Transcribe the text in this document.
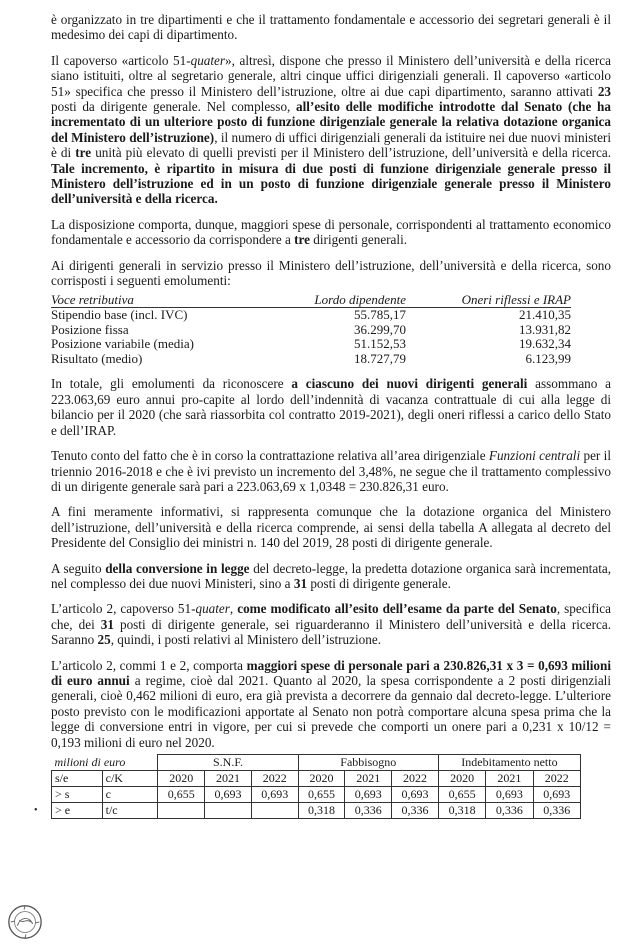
è organizzato in tre dipartimenti e che il trattamento fondamentale e accessorio dei segretari generali è il medesimo dei capi di dipartimento.

Il capoverso «articolo 51-quater», altresì, dispone che presso il Ministero dell’università e della ricerca siano istituiti, oltre al segretario generale, altri cinque uffici dirigenziali generali. Il capoverso «articolo 51» specifica che presso il Ministero dell’istruzione, oltre ai due capi dipartimento, saranno attivati 23 posti da dirigente generale. Nel complesso, all’esito delle modifiche introdotte dal Senato (che ha incrementato di un ulteriore posto di funzione dirigenziale generale la relativa dotazione organica del Ministero dell’istruzione), il numero di uffici dirigenziali generali da istituire nei due nuovi ministeri è di tre unità più elevato di quelli previsti per il Ministero dell’istruzione, dell’università e della ricerca. Tale incremento, è ripartito in misura di due posti di funzione dirigenziale generale presso il Ministero dell’istruzione ed in un posto di funzione dirigenziale generale presso il Ministero dell’università e della ricerca.

La disposizione comporta, dunque, maggiori spese di personale, corrispondenti al trattamento economico fondamentale e accessorio da corrispondere a tre dirigenti generali.

Ai dirigenti generali in servizio presso il Ministero dell’istruzione, dell’università e della ricerca, sono corrisposti i seguenti emolumenti:

Voce retributiva	Lordo dipendente	Oneri riflessi e IRAP
Stipendio base (incl. IVC)	55.785,17	21.410,35
Posizione fissa	36.299,70	13.931,82
Posizione variabile (media)	51.152,53	19.632,34
Risultato (medio)	18.727,79	6.123,99

In totale, gli emolumenti da riconoscere a ciascuno dei nuovi dirigenti generali assommano a 223.063,69 euro annui pro-capite al lordo dell’indennità di vacanza contrattuale di cui alla legge di bilancio per il 2020 (che sarà riassorbita col contratto 2019-2021), degli oneri riflessi a carico dello Stato e dell’IRAP.

Tenuto conto del fatto che è in corso la contrattazione relativa all’area dirigenziale Funzioni centrali per il triennio 2016-2018 e che è ivi previsto un incremento del 3,48%, ne segue che il trattamento complessivo di un dirigente generale sarà pari a 223.063,69 x 1,0348 = 230.826,31 euro.

A fini meramente informativi, si rappresenta comunque che la dotazione organica del Ministero dell’istruzione, dell’università e della ricerca comprende, ai sensi della tabella A allegata al decreto del Presidente del Consiglio dei ministri n. 140 del 2019, 28 posti di dirigente generale.

A seguito della conversione in legge del decreto-legge, la predetta dotazione organica sarà incrementata, nel complesso dei due nuovi Ministeri, sino a 31 posti di dirigente generale.

L’articolo 2, capoverso 51-quater, come modificato all’esito dell’esame da parte del Senato, specifica che, dei 31 posti di dirigente generale, sei riguarderanno il Ministero dell’università e della ricerca. Saranno 25, quindi, i posti relativi al Ministero dell’istruzione.

L’articolo 2, commi 1 e 2, comporta maggiori spese di personale pari a 230.826,31 x 3 = 0,693 milioni di euro annui a regime, cioè dal 2021. Quanto al 2020, la spesa corrispondente a 2 posti dirigenziali generali, cioè 0,462 milioni di euro, era già prevista a decorrere da gennaio dal decreto-legge. L’ulteriore posto previsto con le modificazioni apportate al Senato non potrà comportare alcuna spesa prima che la legge di conversione entri in vigore, per cui si prevede che comporti un onere pari a 0,231 x 10/12 = 0,193 milioni di euro nel 2020.

milioni di euro		S.N.F.			Fabbisogno			Indebitamento netto		
s/e	c/K	2020	2021	2022	2020	2021	2022	2020	2021	2022
> s	c	0,655	0,693	0,693	0,655	0,693	0,693	0,655	0,693	0,693
> e	t/c				0,318	0,336	0,336	0,318	0,336	0,336
•
